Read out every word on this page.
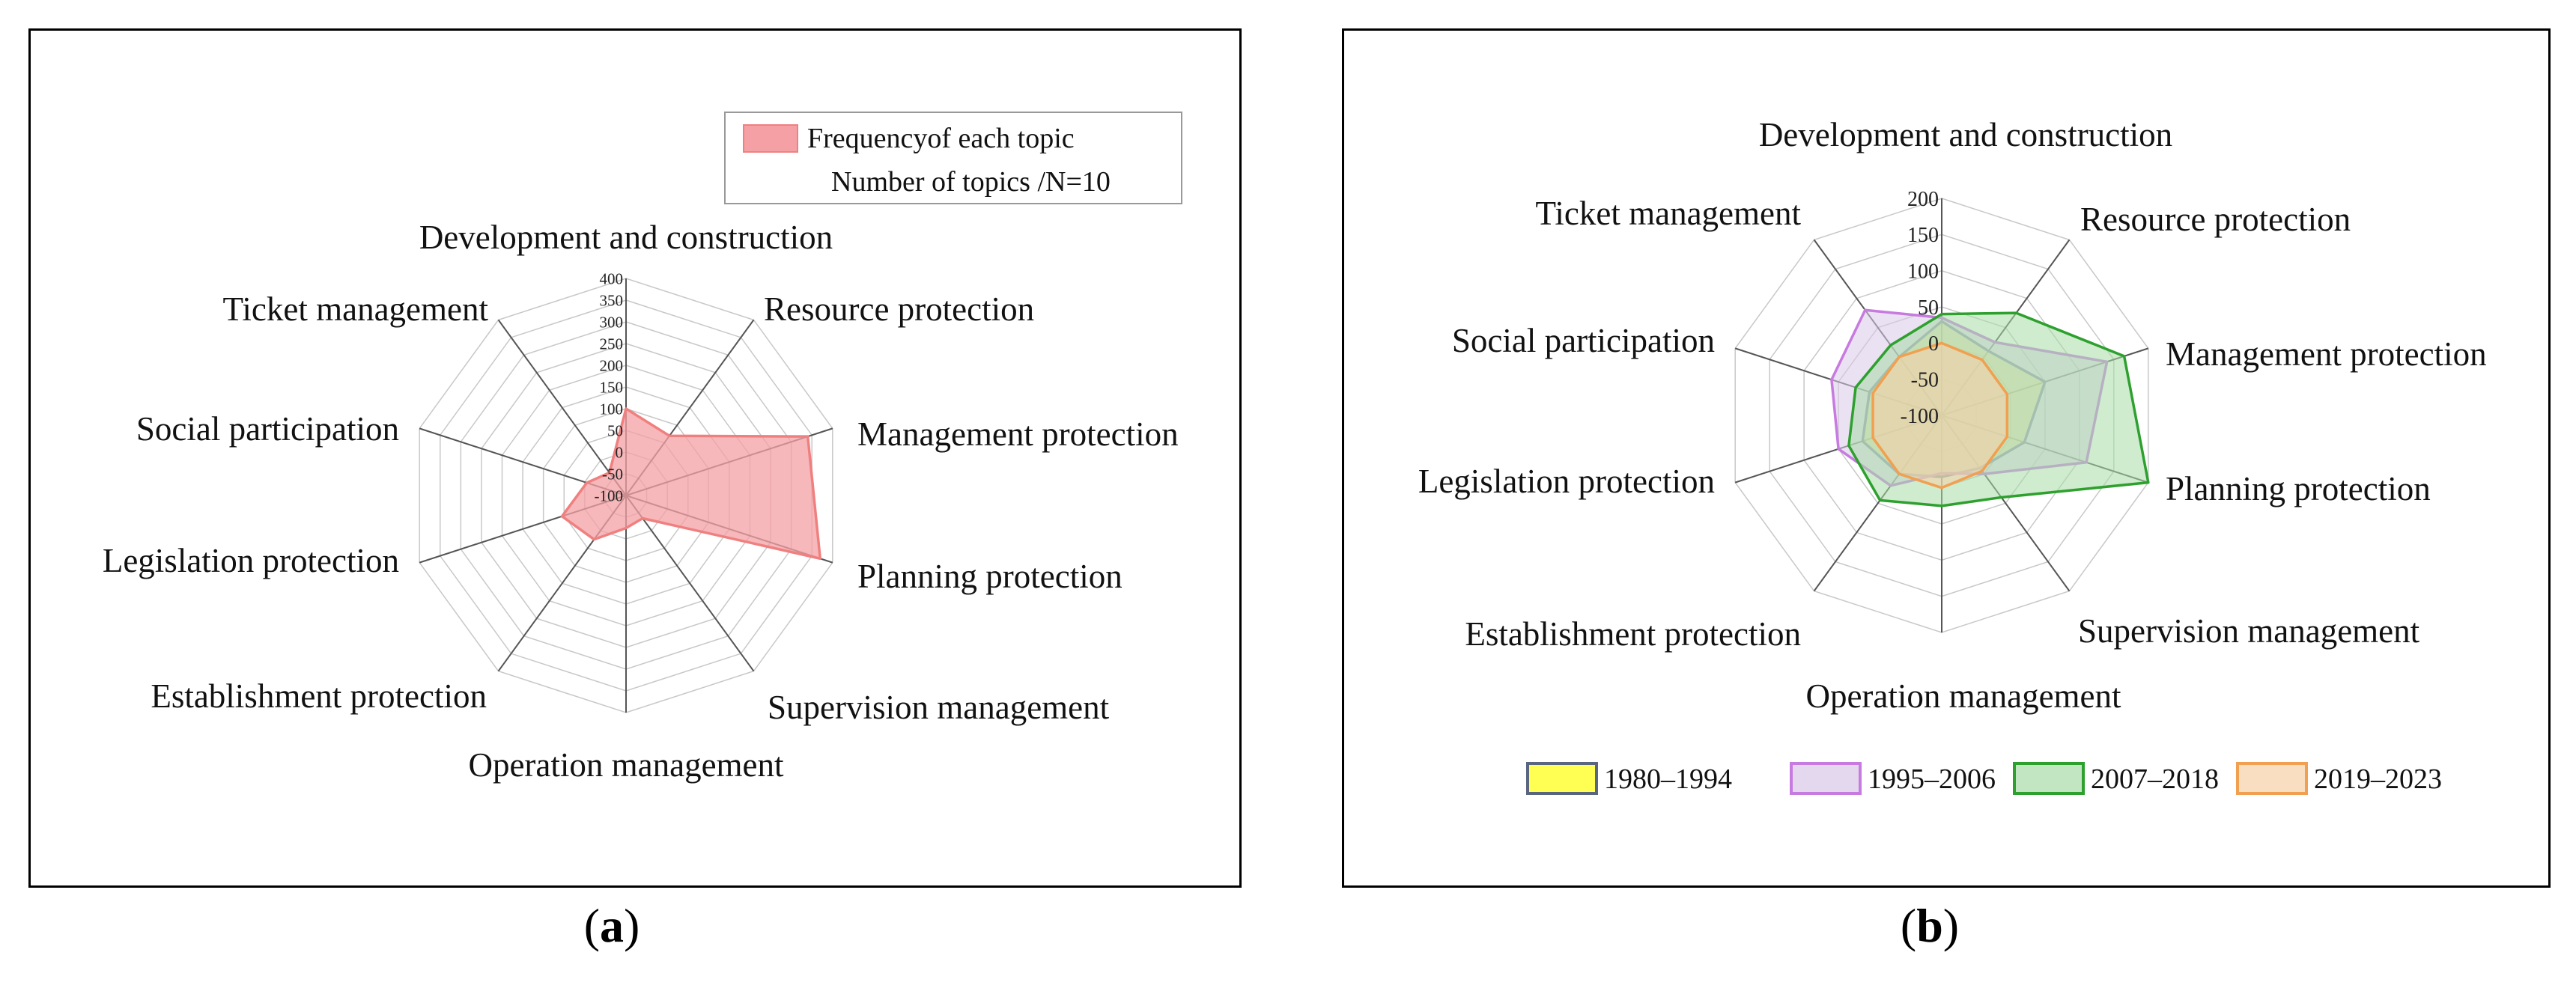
-100
-50
0
50
100
150
200
250
300
350
400
Development and construction
Resource protection
Management protection
Planning protection
Supervision management
Operation management
Establishment protection
Legislation protection
Social participation
Ticket management
Frequencyof each topic
Number of topics /N=10
-100
-50
0
50
100
150
200
Development and construction
Resource protection
Management protection
Planning protection
Supervision management
Operation management
Establishment protection
Legislation protection
Social participation
Ticket management
1980–1994	1995–2006	2007–2018	2019–2023
(a)	(b)
